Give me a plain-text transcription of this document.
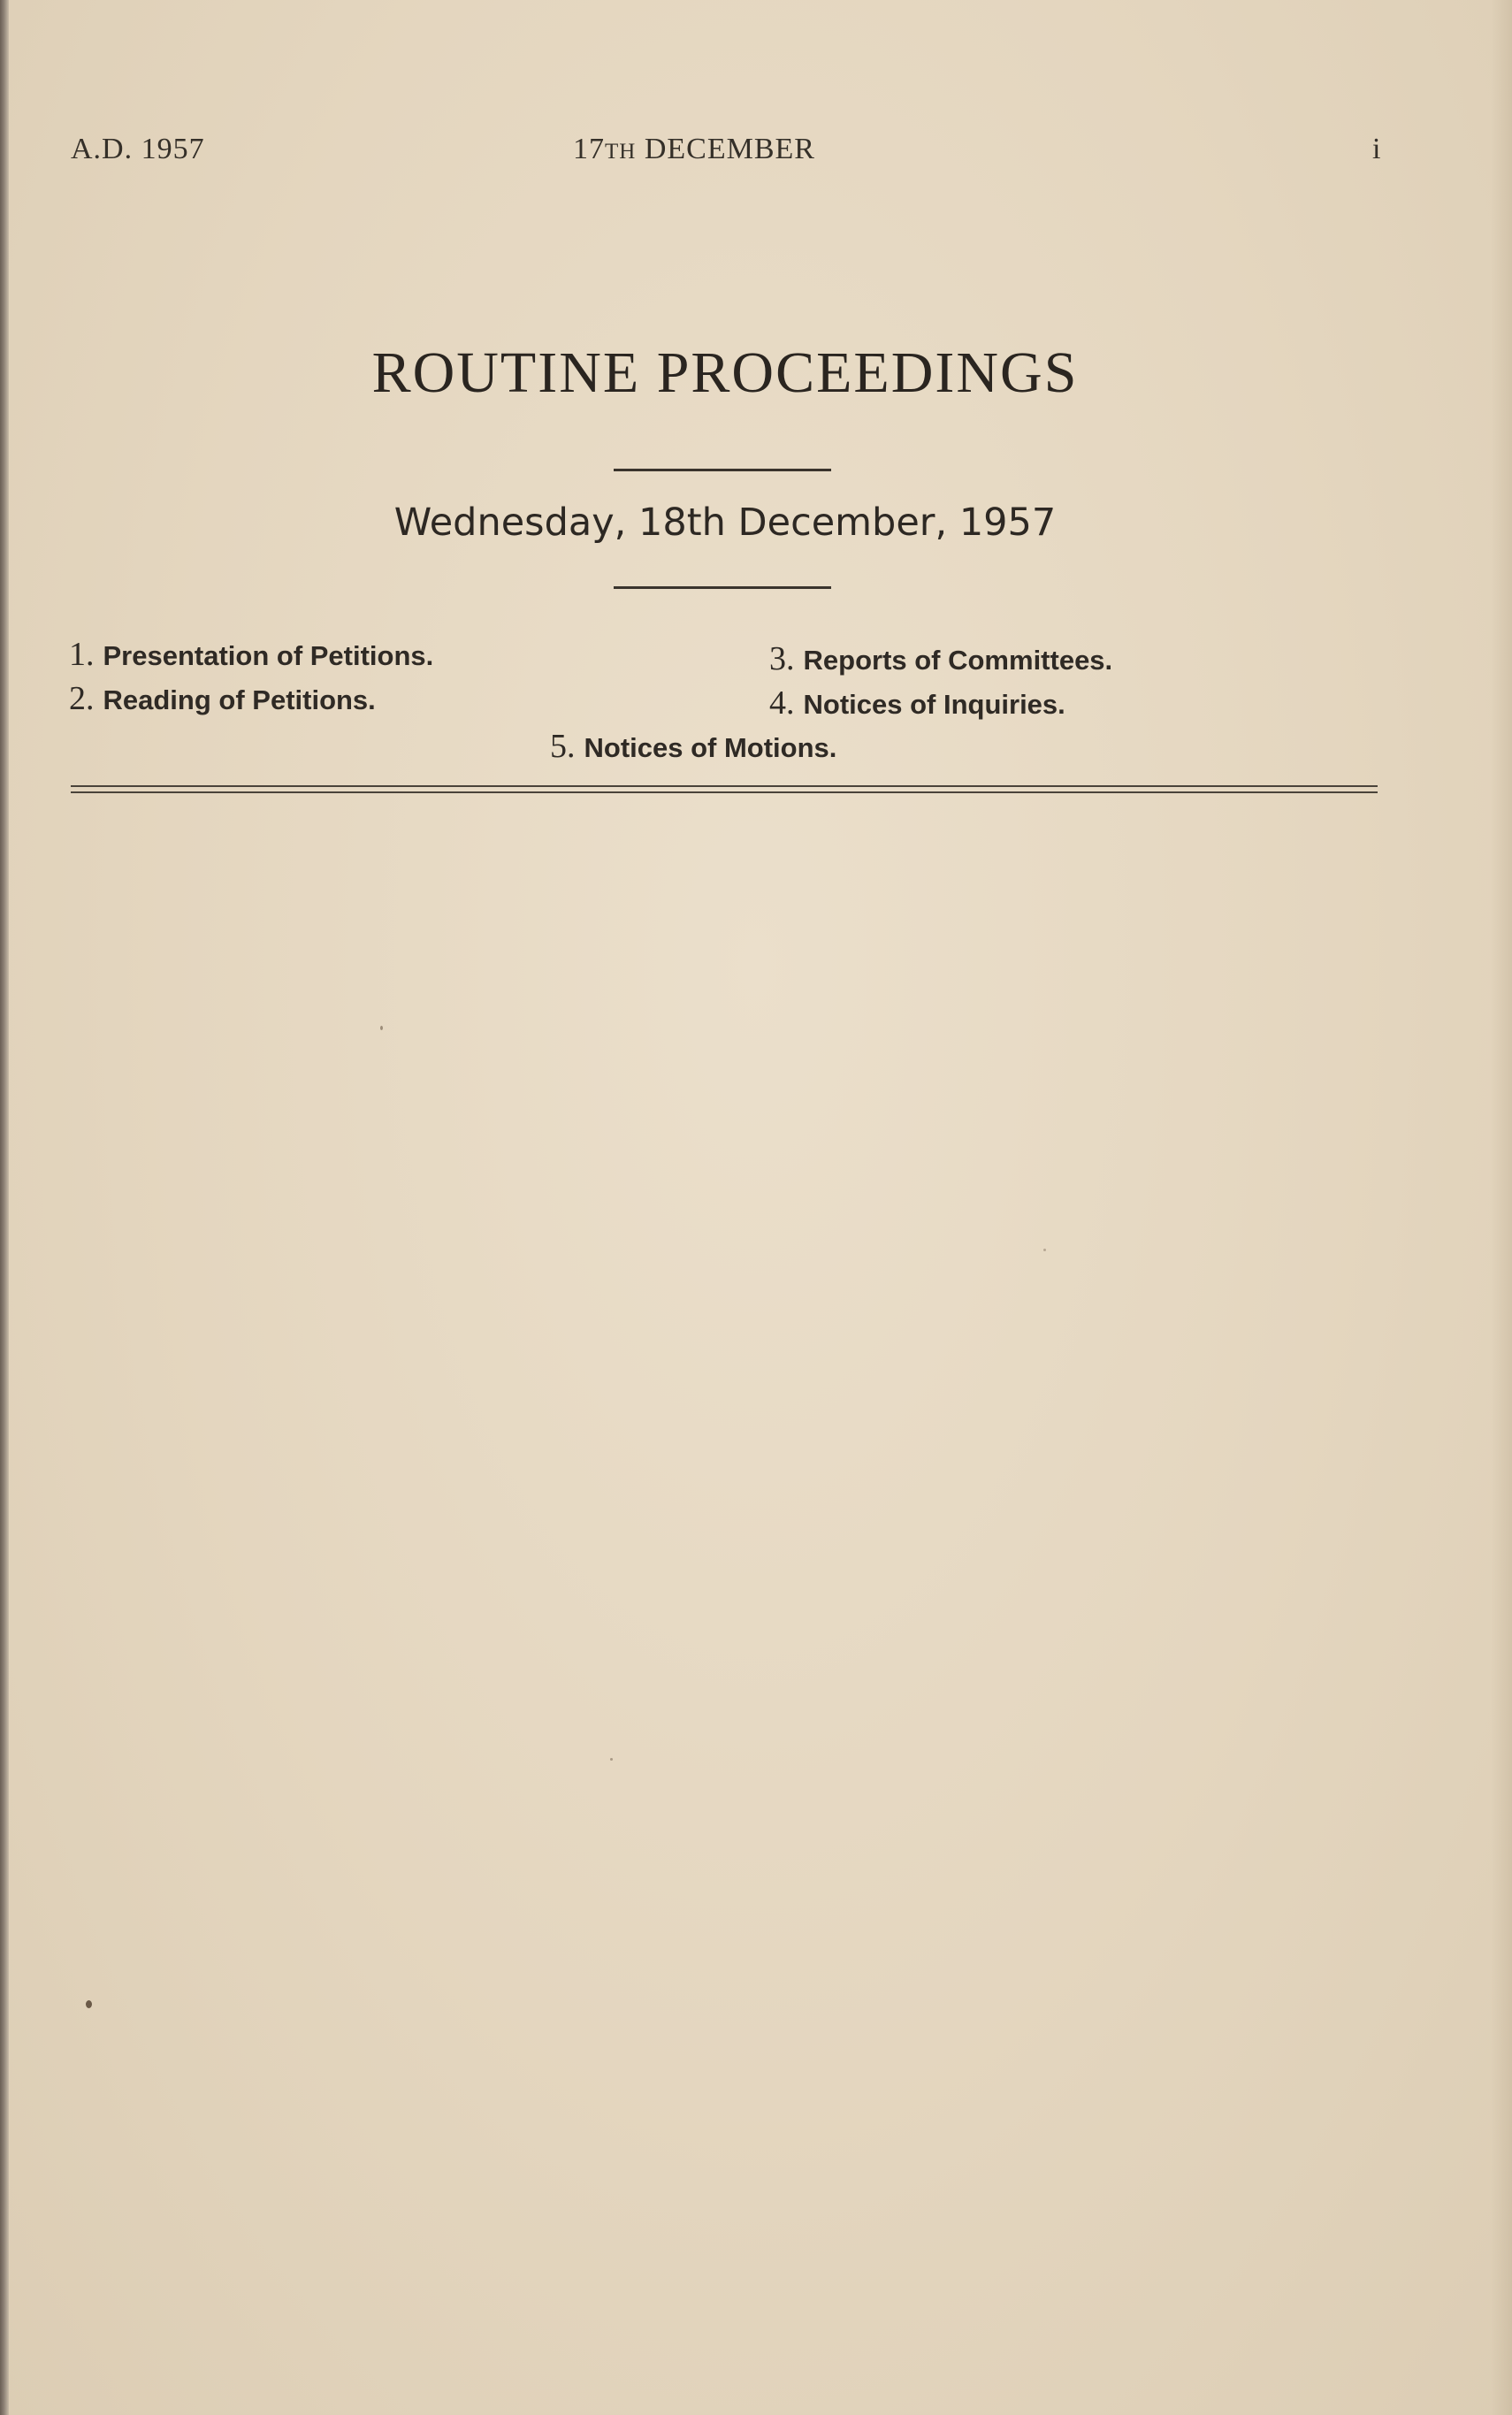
A.D. 1957	17TH DECEMBER	i
ROUTINE PROCEEDINGS
Wednesday, 18th December, 1957
1. Presentation of Petitions.
2. Reading of Petitions.
3. Reports of Committees.
4. Notices of Inquiries.
5. Notices of Motions.
